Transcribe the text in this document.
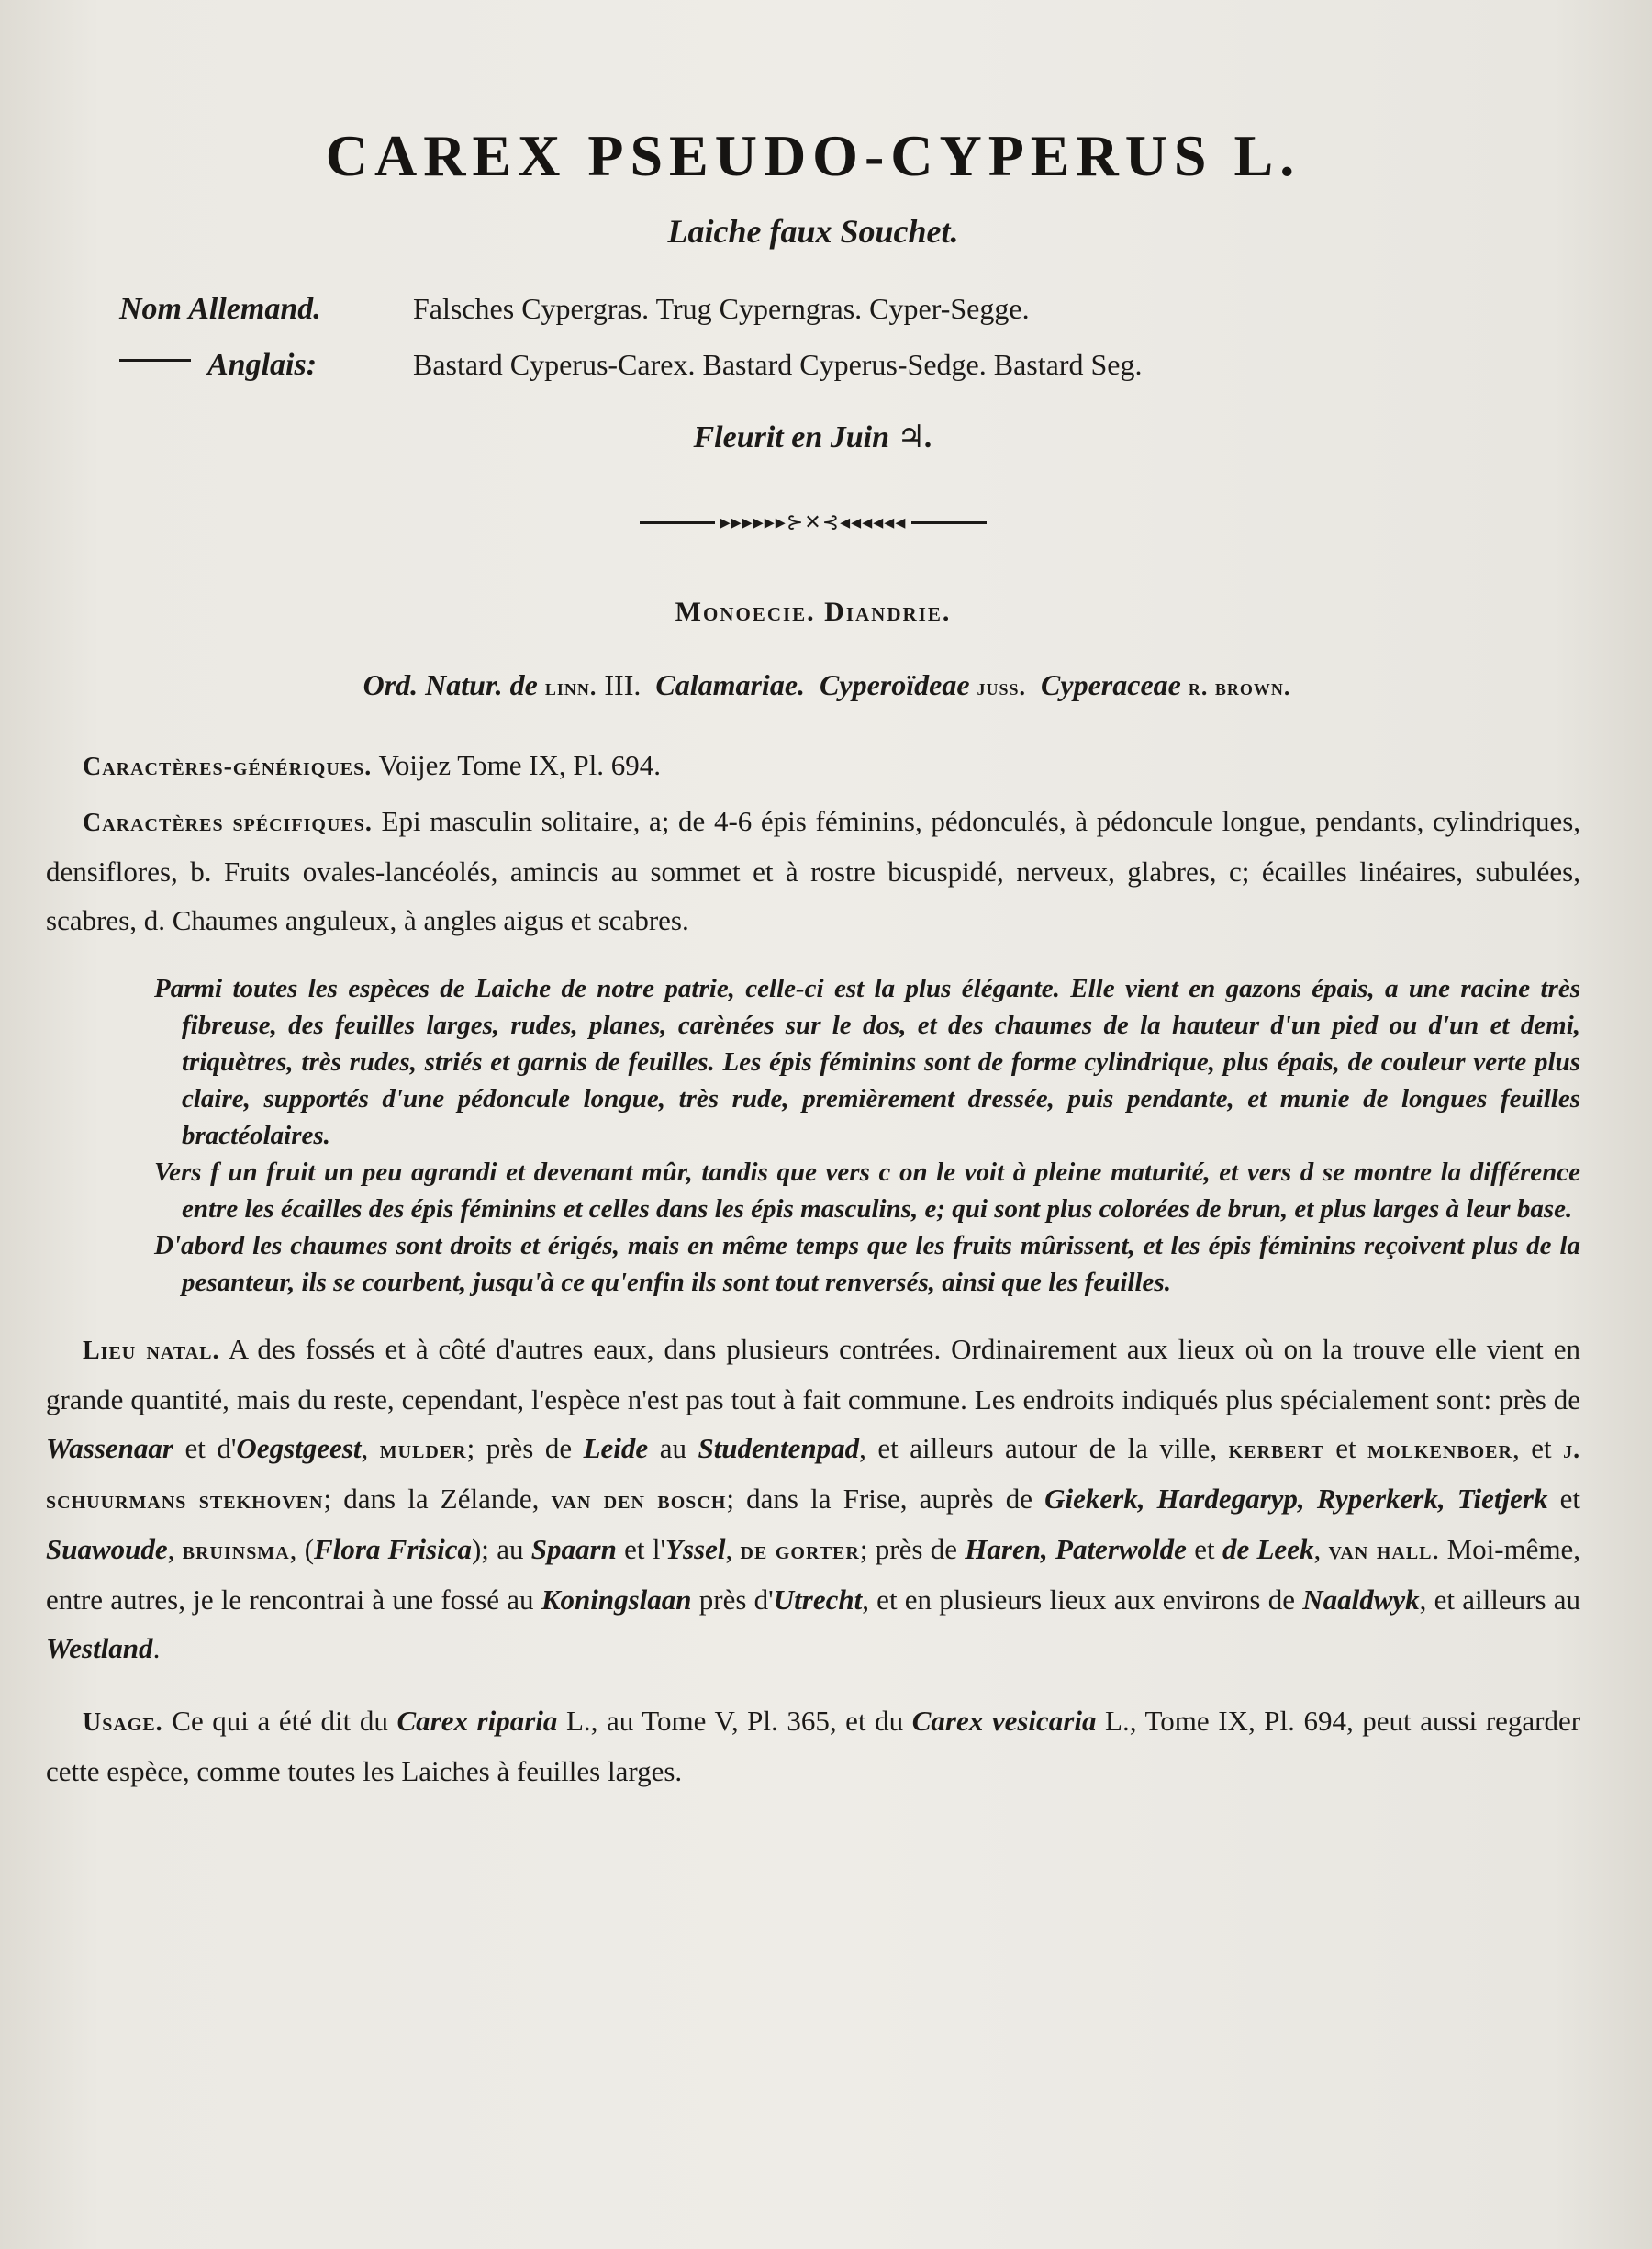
CAREX PSEUDO-CYPERUS L.
Laiche faux Souchet.
Nom Allemand.	Falsches Cypergras. Trug Cyperngras. Cyper-Segge.
Anglais:	Bastard Cyperus-Carex. Bastard Cyperus-Sedge. Bastard Seg.
Fleurit en Juin ♃.
▸▸▸▸▸▸⊱✕⊰◂◂◂◂◂◂
Monoecie. Diandrie.
Ord. Natur. de linn. III. Calamariae. Cyperoïdeae juss. Cyperaceae r. brown.
Caractères-génériques. Voijez Tome IX, Pl. 694.
Caractères spécifiques. Epi masculin solitaire, a; de 4-6 épis féminins, pédonculés, à pédoncule longue, pendants, cylindriques, densiflores, b. Fruits ovales-lancéolés, amincis au sommet et à rostre bicuspidé, nerveux, glabres, c; écailles linéaires, subulées, scabres, d. Chaumes anguleux, à angles aigus et scabres.
Parmi toutes les espèces de Laiche de notre patrie, celle-ci est la plus élégante. Elle vient en gazons épais, a une racine très fibreuse, des feuilles larges, rudes, planes, carènées sur le dos, et des chaumes de la hauteur d'un pied ou d'un et demi, triquètres, très rudes, striés et garnis de feuilles. Les épis féminins sont de forme cylindrique, plus épais, de couleur verte plus claire, supportés d'une pédoncule longue, très rude, premièrement dressée, puis pendante, et munie de longues feuilles bractéolaires.
Vers f un fruit un peu agrandi et devenant mûr, tandis que vers c on le voit à pleine maturité, et vers d se montre la différence entre les écailles des épis féminins et celles dans les épis masculins, e; qui sont plus colorées de brun, et plus larges à leur base.
D'abord les chaumes sont droits et érigés, mais en même temps que les fruits mûrissent, et les épis féminins reçoivent plus de la pesanteur, ils se courbent, jusqu'à ce qu'enfin ils sont tout renversés, ainsi que les feuilles.
Lieu natal. A des fossés et à côté d'autres eaux, dans plusieurs contrées. Ordinairement aux lieux où on la trouve elle vient en grande quantité, mais du reste, cependant, l'espèce n'est pas tout à fait commune. Les endroits indiqués plus spécialement sont: près de Wassenaar et d'Oegstgeest, mulder; près de Leide au Studentenpad, et ailleurs autour de la ville, kerbert et molkenboer, et j. schuurmans stekhoven; dans la Zélande, van den bosch; dans la Frise, auprès de Giekerk, Hardegaryp, Ryperkerk, Tietjerk et Suawoude, bruinsma, (Flora Frisica); au Spaarn et l'Yssel, de gorter; près de Haren, Paterwolde et de Leek, van hall. Moi-même, entre autres, je le rencontrai à une fossé au Koningslaan près d'Utrecht, et en plusieurs lieux aux environs de Naaldwyk, et ailleurs au Westland.
Usage. Ce qui a été dit du Carex riparia L., au Tome V, Pl. 365, et du Carex vesicaria L., Tome IX, Pl. 694, peut aussi regarder cette espèce, comme toutes les Laiches à feuilles larges.
